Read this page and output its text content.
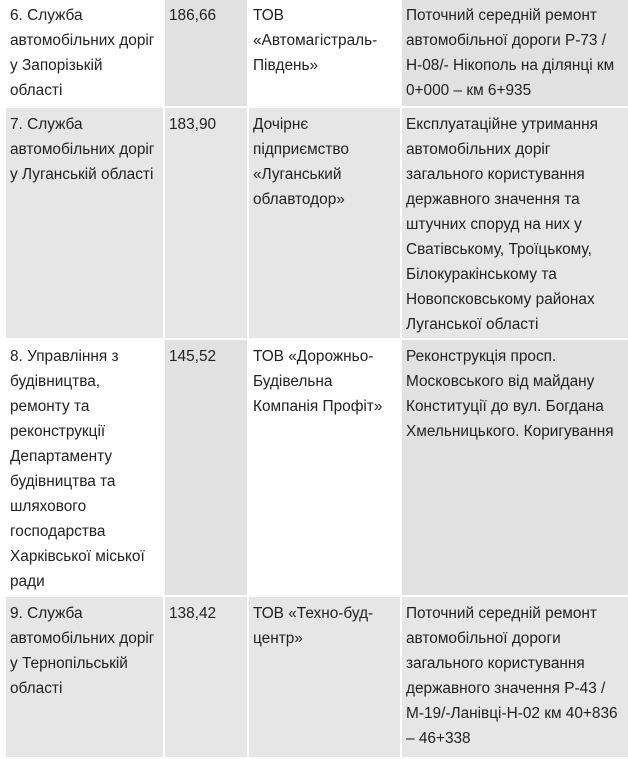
6. Служба автомобільних доріг у Запорізькій області	186,66	ТОВ «Автомагістраль-Південь»	Поточний середній ремонт автомобільної дороги Р-73 / Н-08/- Нікополь на ділянці км 0+000 – км 6+935
7. Служба автомобільних доріг у Луганській області	183,90	Дочірнє підприємство «Луганський облавтодор»	Експлуатаційне утримання автомобільних доріг загального користування державного значення та штучних споруд на них у Сватівському, Троїцькому, Білокуракінському та Новопсковському районах Луганської області
8. Управління з будівництва, ремонту та реконструкції Департаменту будівництва та шляхового господарства Харківської міської ради	145,52	ТОВ «Дорожньо-Будівельна Компанія Профіт»	Реконструкція просп. Московського від майдану Конституції до вул. Богдана Хмельницького. Коригування
9. Служба автомобільних доріг у Тернопільській області	138,42	ТОВ «Техно-буд-центр»	Поточний середній ремонт автомобільної дороги загального користування державного значення Р-43 / М-19/-Ланівці-Н-02 км 40+836 – 46+338
